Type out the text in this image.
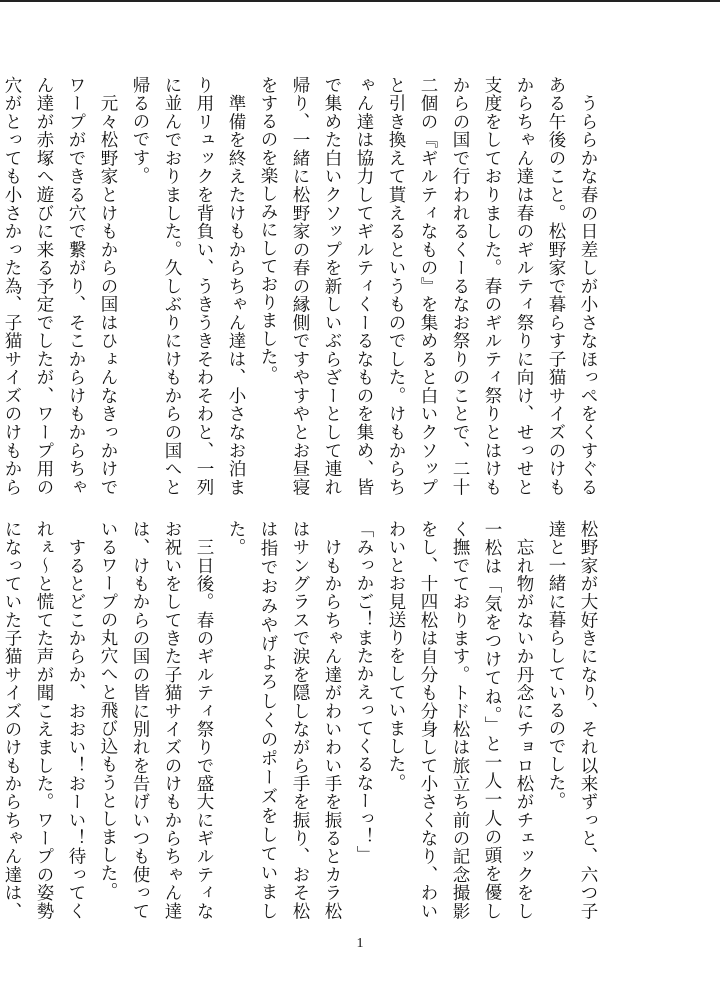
　うららかな春の日差しが小さなほっぺをくすぐるある午後のこと。松野家で暮らす子猫サイズのけもからちゃん達は春のギルティ祭りに向け、せっせと支度をしておりました。春のギルティ祭りとはけもからの国で行われるくーるなお祭りのことで、二十二個の『ギルティなもの』を集めると白いクソップと引き換えて貰えるというものでした。けもからちゃん達は協力してギルティくーるなものを集め、皆で集めた白いクソップを新しいぶらざーとして連れ帰り、一緒に松野家の春の縁側ですやすやとお昼寝をするのを楽しみにしておりました。

　準備を終えたけもからちゃん達は、小さなお泊まり用リュックを背負い、うきうきそわそわと、一列に並んでおりました。久しぶりにけもからの国へと帰るのです。

　元々松野家とけもからの国はひょんなきっかけでワープができる穴で繋がり、そこからけもからちゃん達が赤塚へ遊びに来る予定でしたが、ワープ用の穴がとっても小さかった為、子猫サイズのけもから

松野家が大好きになり、それ以来ずっと、六つ子達と一緒に暮らしているのでした。

　忘れ物がないか丹念にチョロ松がチェックをし一松は「気をつけてね。」と一人一人の頭を優しく撫でております。トド松は旅立ち前の記念撮影をし、十四松は自分も分身して小さくなり、わいわいとお見送りをしていました。

「みっかご！またかえってくるなーっ！」

　けもからちゃん達がわいわい手を振るとカラ松はサングラスで涙を隠しながら手を振り、おそ松は指でおみやげよろしくのポーズをしていました。

　三日後。春のギルティ祭りで盛大にギルティなお祝いをしてきた子猫サイズのけもからちゃん達は、けもからの国の皆に別れを告げいつも使っているワープの丸穴へと飛び込もうとしました。

　するとどこからか、おおい！おーい！待ってくれぇ～と慌てた声が聞こえました。ワープの姿勢になっていた子猫サイズのけもからちゃん達は、

1
